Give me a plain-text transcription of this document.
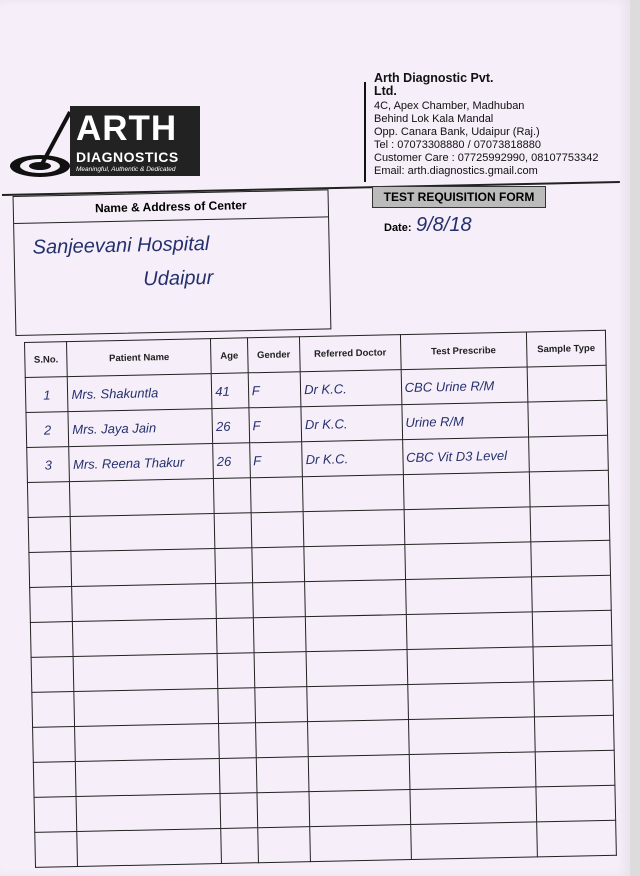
ARTH
DIAGNOSTICS
Meaningful, Authentic & Dedicated
Arth Diagnostic Pvt. Ltd.
4C, Apex Chamber, Madhuban
Behind Lok Kala Mandal
Opp. Canara Bank, Udaipur (Raj.)
Tel : 07073308880 / 07073818880
Customer Care : 07725992990, 08107753342
Email: arth.diagnostics.gmail.com
TEST REQUISITION FORM
Date: 9/8/18
Name & Address of Center
Sanjeevani Hospital
Udaipur
S.No.	Patient Name	Age	Gender	Referred Doctor	Test Prescribe	Sample Type
1	Mrs. Shakuntla	41	F	Dr K.C.	CBC Urine R/M	
2	Mrs. Jaya Jain	26	F	Dr K.C.	Urine R/M	
3	Mrs. Reena Thakur	26	F	Dr K.C.	CBC Vit D3 Level	
